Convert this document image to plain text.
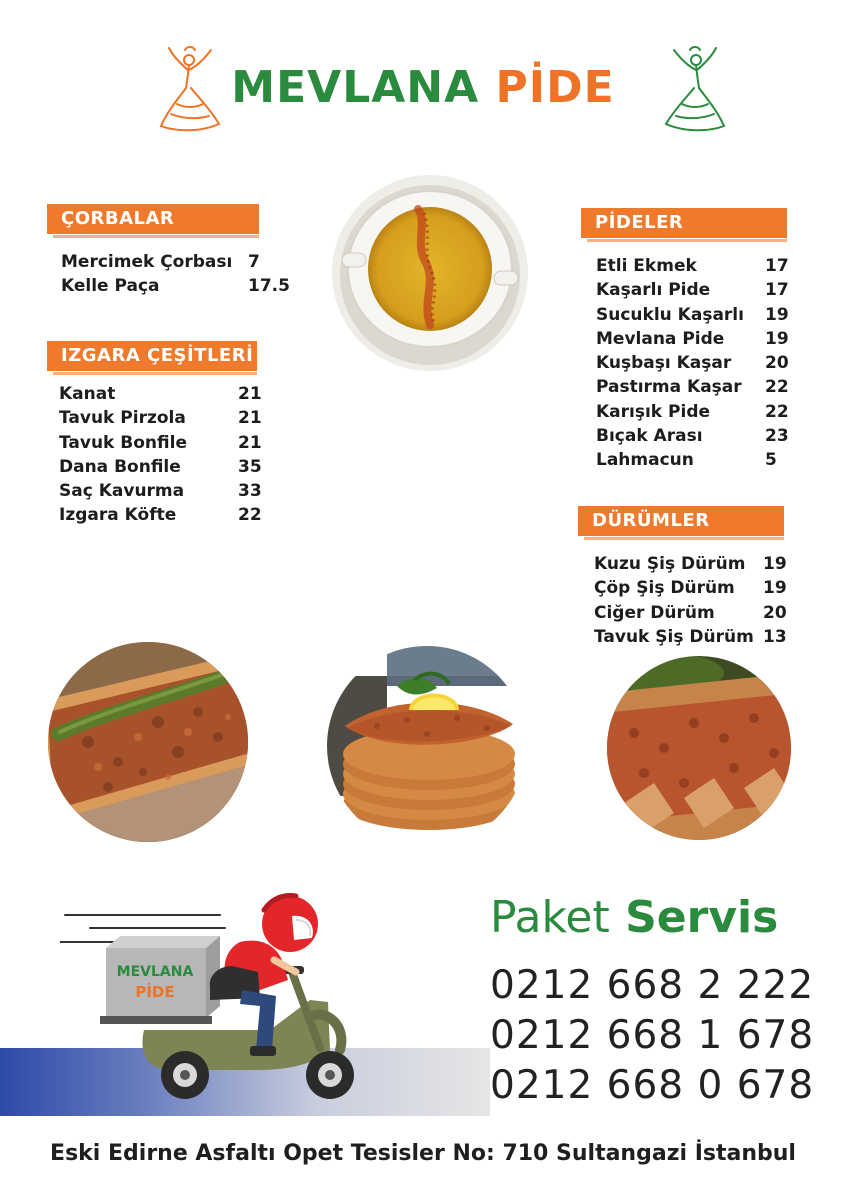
MEVLANA PİDE
ÇORBALAR
Mercimek Çorbası 7
Kelle Paça	17.5
IZGARA ÇEŞİTLERİ
Kanat	21
Tavuk Pirzola	21
Tavuk Bonfile	21
Dana Bonfile	35
Saç Kavurma	33
Izgara Köfte	22
PİDELER
Etli Ekmek	17
Kaşarlı Pide	17
Sucuklu Kaşarlı 19
Mevlana Pide 19
Kuşbaşı Kaşar 20
Pastırma Kaşar 22
Karışık Pide	22
Bıçak Arası	23
Lahmacun	5
DÜRÜMLER
Kuzu Şiş Dürüm 19
Çöp Şiş Dürüm 19
Ciğer Dürüm	20
Tavuk Şiş Dürüm 13
MEVLANA
PİDE
Paket Servis
0212 668 2 222
0212 668 1 678
0212 668 0 678
Eski Edirne Asfaltı Opet Tesisler No: 710 Sultangazi İstanbul
